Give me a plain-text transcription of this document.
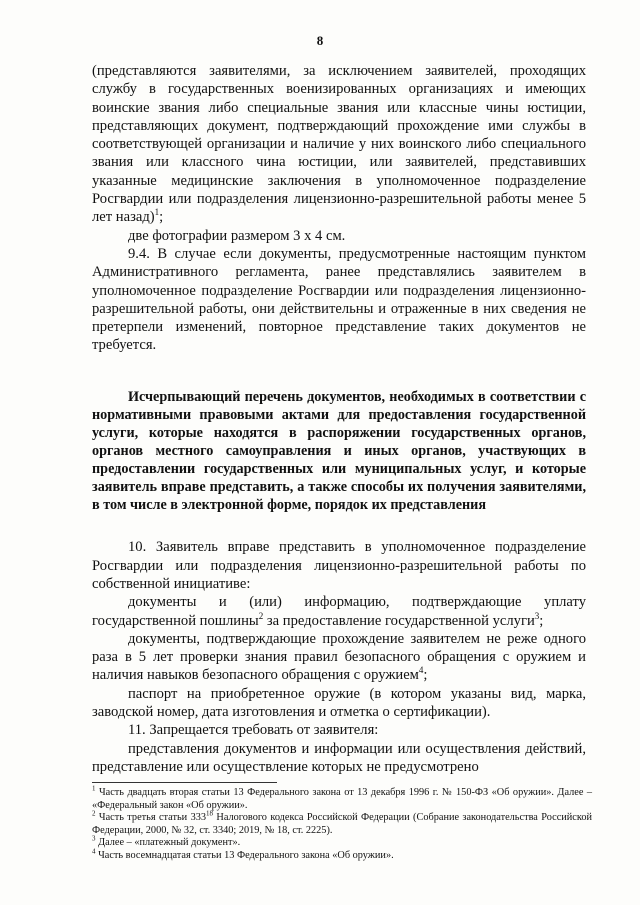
8

(представляются заявителями, за исключением заявителей, проходящих службу в государственных военизированных организациях и имеющих воинские звания либо специальные звания или классные чины юстиции, представляющих документ, подтверждающий прохождение ими службы в соответствующей организации и наличие у них воинского либо специального звания или классного чина юстиции, или заявителей, представивших указанные медицинские заключения в уполномоченное подразделение Росгвардии или подразделения лицензионно-разрешительной работы менее 5 лет назад)$^1$;

две фотографии размером 3 х 4 см.

9.4. В случае если документы, предусмотренные настоящим пунктом Административного регламента, ранее представлялись заявителем в уполномоченное подразделение Росгвардии или подразделения лицензионно-разрешительной работы, они действительны и отраженные в них сведения не претерпели изменений, повторное представление таких документов не требуется.

Исчерпывающий перечень документов, необходимых в соответствии с нормативными правовыми актами для предоставления государственной услуги, которые находятся в распоряжении государственных органов, органов местного самоуправления и иных органов, участвующих в предоставлении государственных или муниципальных услуг, и которые заявитель вправе представить, а также способы их получения заявителями, в том числе в электронной форме, порядок их представления

10. Заявитель вправе представить в уполномоченное подразделение Росгвардии или подразделения лицензионно-разрешительной работы по собственной инициативе:

документы и (или) информацию, подтверждающие уплату государственной пошлины$^2$ за предоставление государственной услуги$^3$;

документы, подтверждающие прохождение заявителем не реже одного раза в 5 лет проверки знания правил безопасного обращения с оружием и наличия навыков безопасного обращения с оружием$^4$;

паспорт на приобретенное оружие (в котором указаны вид, марка, заводской номер, дата изготовления и отметка о сертификации).

11. Запрещается требовать от заявителя:

представления документов и информации или осуществления действий, представление или осуществление которых не предусмотрено

$^1$ Часть двадцать вторая статьи 13 Федерального закона от 13 декабря 1996 г. № 150-ФЗ «Об оружии». Далее – «Федеральный закон «Об оружии».

$^2$ Часть третья статьи $333^{18}$ Налогового кодекса Российской Федерации (Собрание законодательства Российской Федерации, 2000, № 32, ст. 3340; 2019, № 18, ст. 2225).

$^3$ Далее – «платежный документ».

$^4$ Часть восемнадцатая статьи 13 Федерального закона «Об оружии».
